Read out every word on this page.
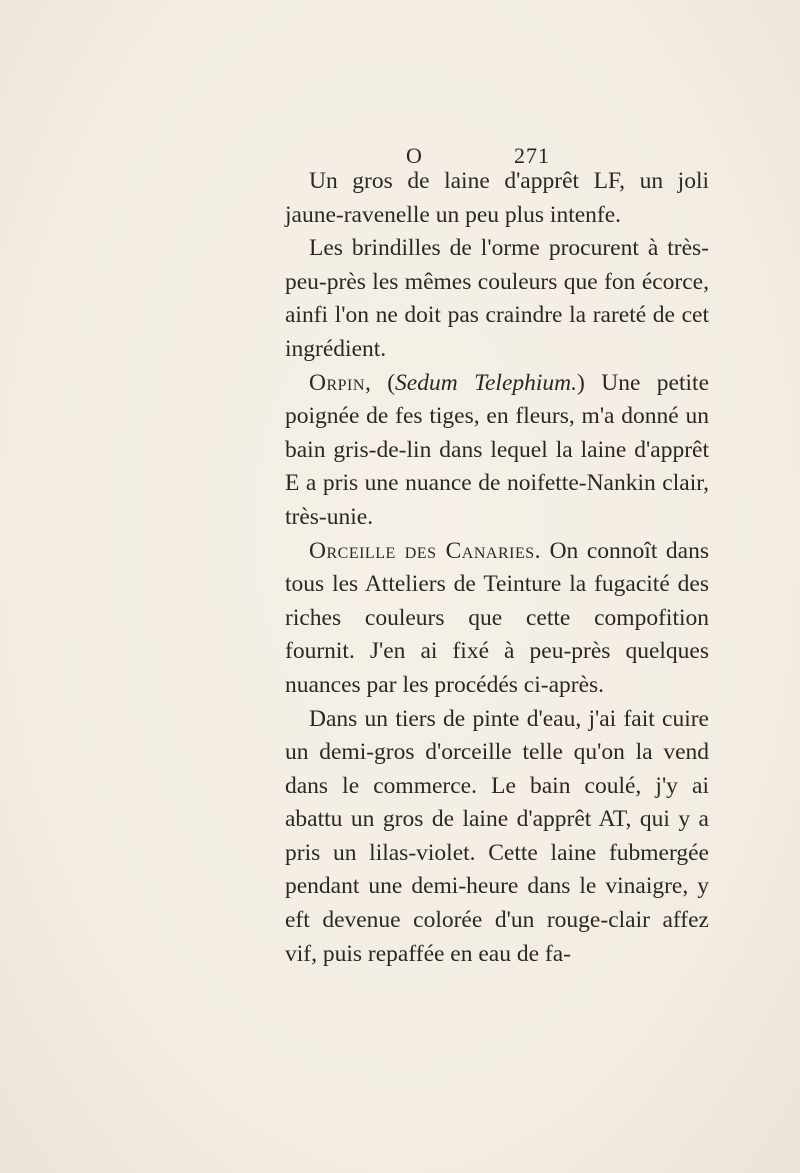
O	271

Un gros de laine d'apprêt LF, un joli jaune-ravenelle un peu plus intenfe.

Les brindilles de l'orme procurent à très-peu-près les mêmes couleurs que fon écorce, ainfi l'on ne doit pas craindre la rareté de cet ingrédient.

Orpin, (Sedum Telephium.) Une petite poignée de fes tiges, en fleurs, m'a donné un bain gris-de-lin dans lequel la laine d'apprêt E a pris une nuance de noifette-Nankin clair, très-unie.

Orceille des Canaries. On connoît dans tous les Atteliers de Teinture la fugacité des riches couleurs que cette compofition fournit. J'en ai fixé à peu-près quelques nuances par les procédés ci-après.

Dans un tiers de pinte d'eau, j'ai fait cuire un demi-gros d'orceille telle qu'on la vend dans le commerce. Le bain coulé, j'y ai abattu un gros de laine d'apprêt AT, qui y a pris un lilas-violet. Cette laine fubmergée pendant une demi-heure dans le vinaigre, y eft devenue colorée d'un rouge-clair affez vif, puis repaffée en eau de fa-
